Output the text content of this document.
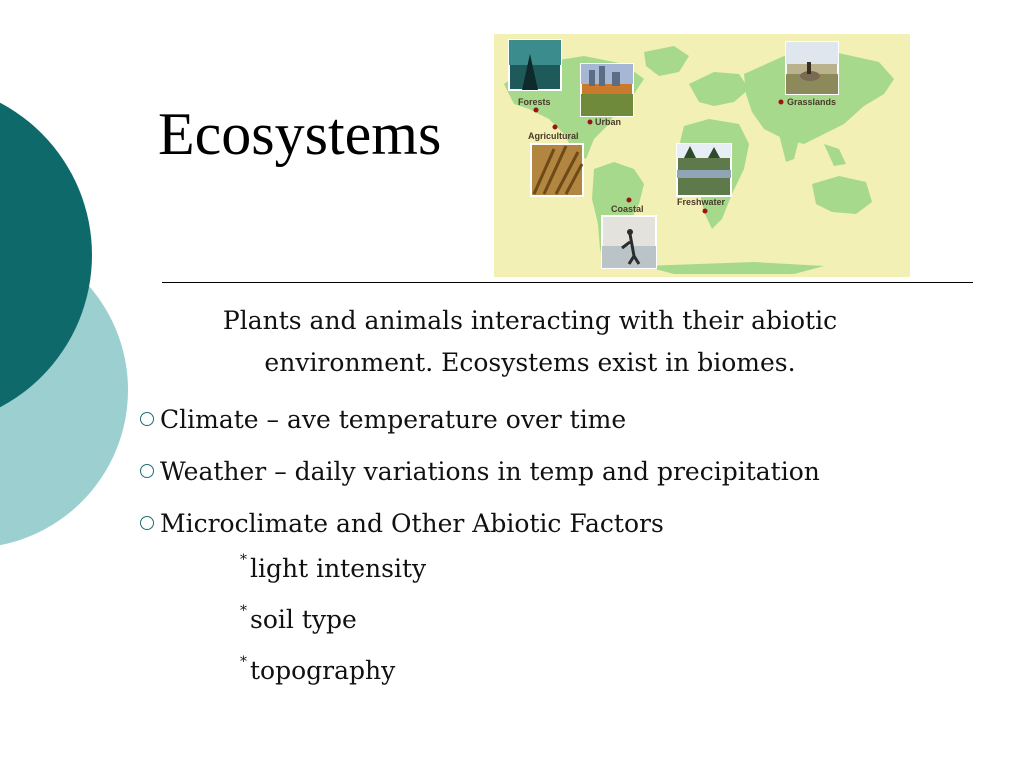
Ecosystems	Forests
Urban
Agricultural
Grasslands
Freshwater
Coastal

Plants and animals interacting with their abiotic
environment. Ecosystems exist in biomes.

Climate – ave temperature over time
Weather – daily variations in temp and precipitation
Microclimate and Other Abiotic Factors
* light intensity
* soil type
* topography
